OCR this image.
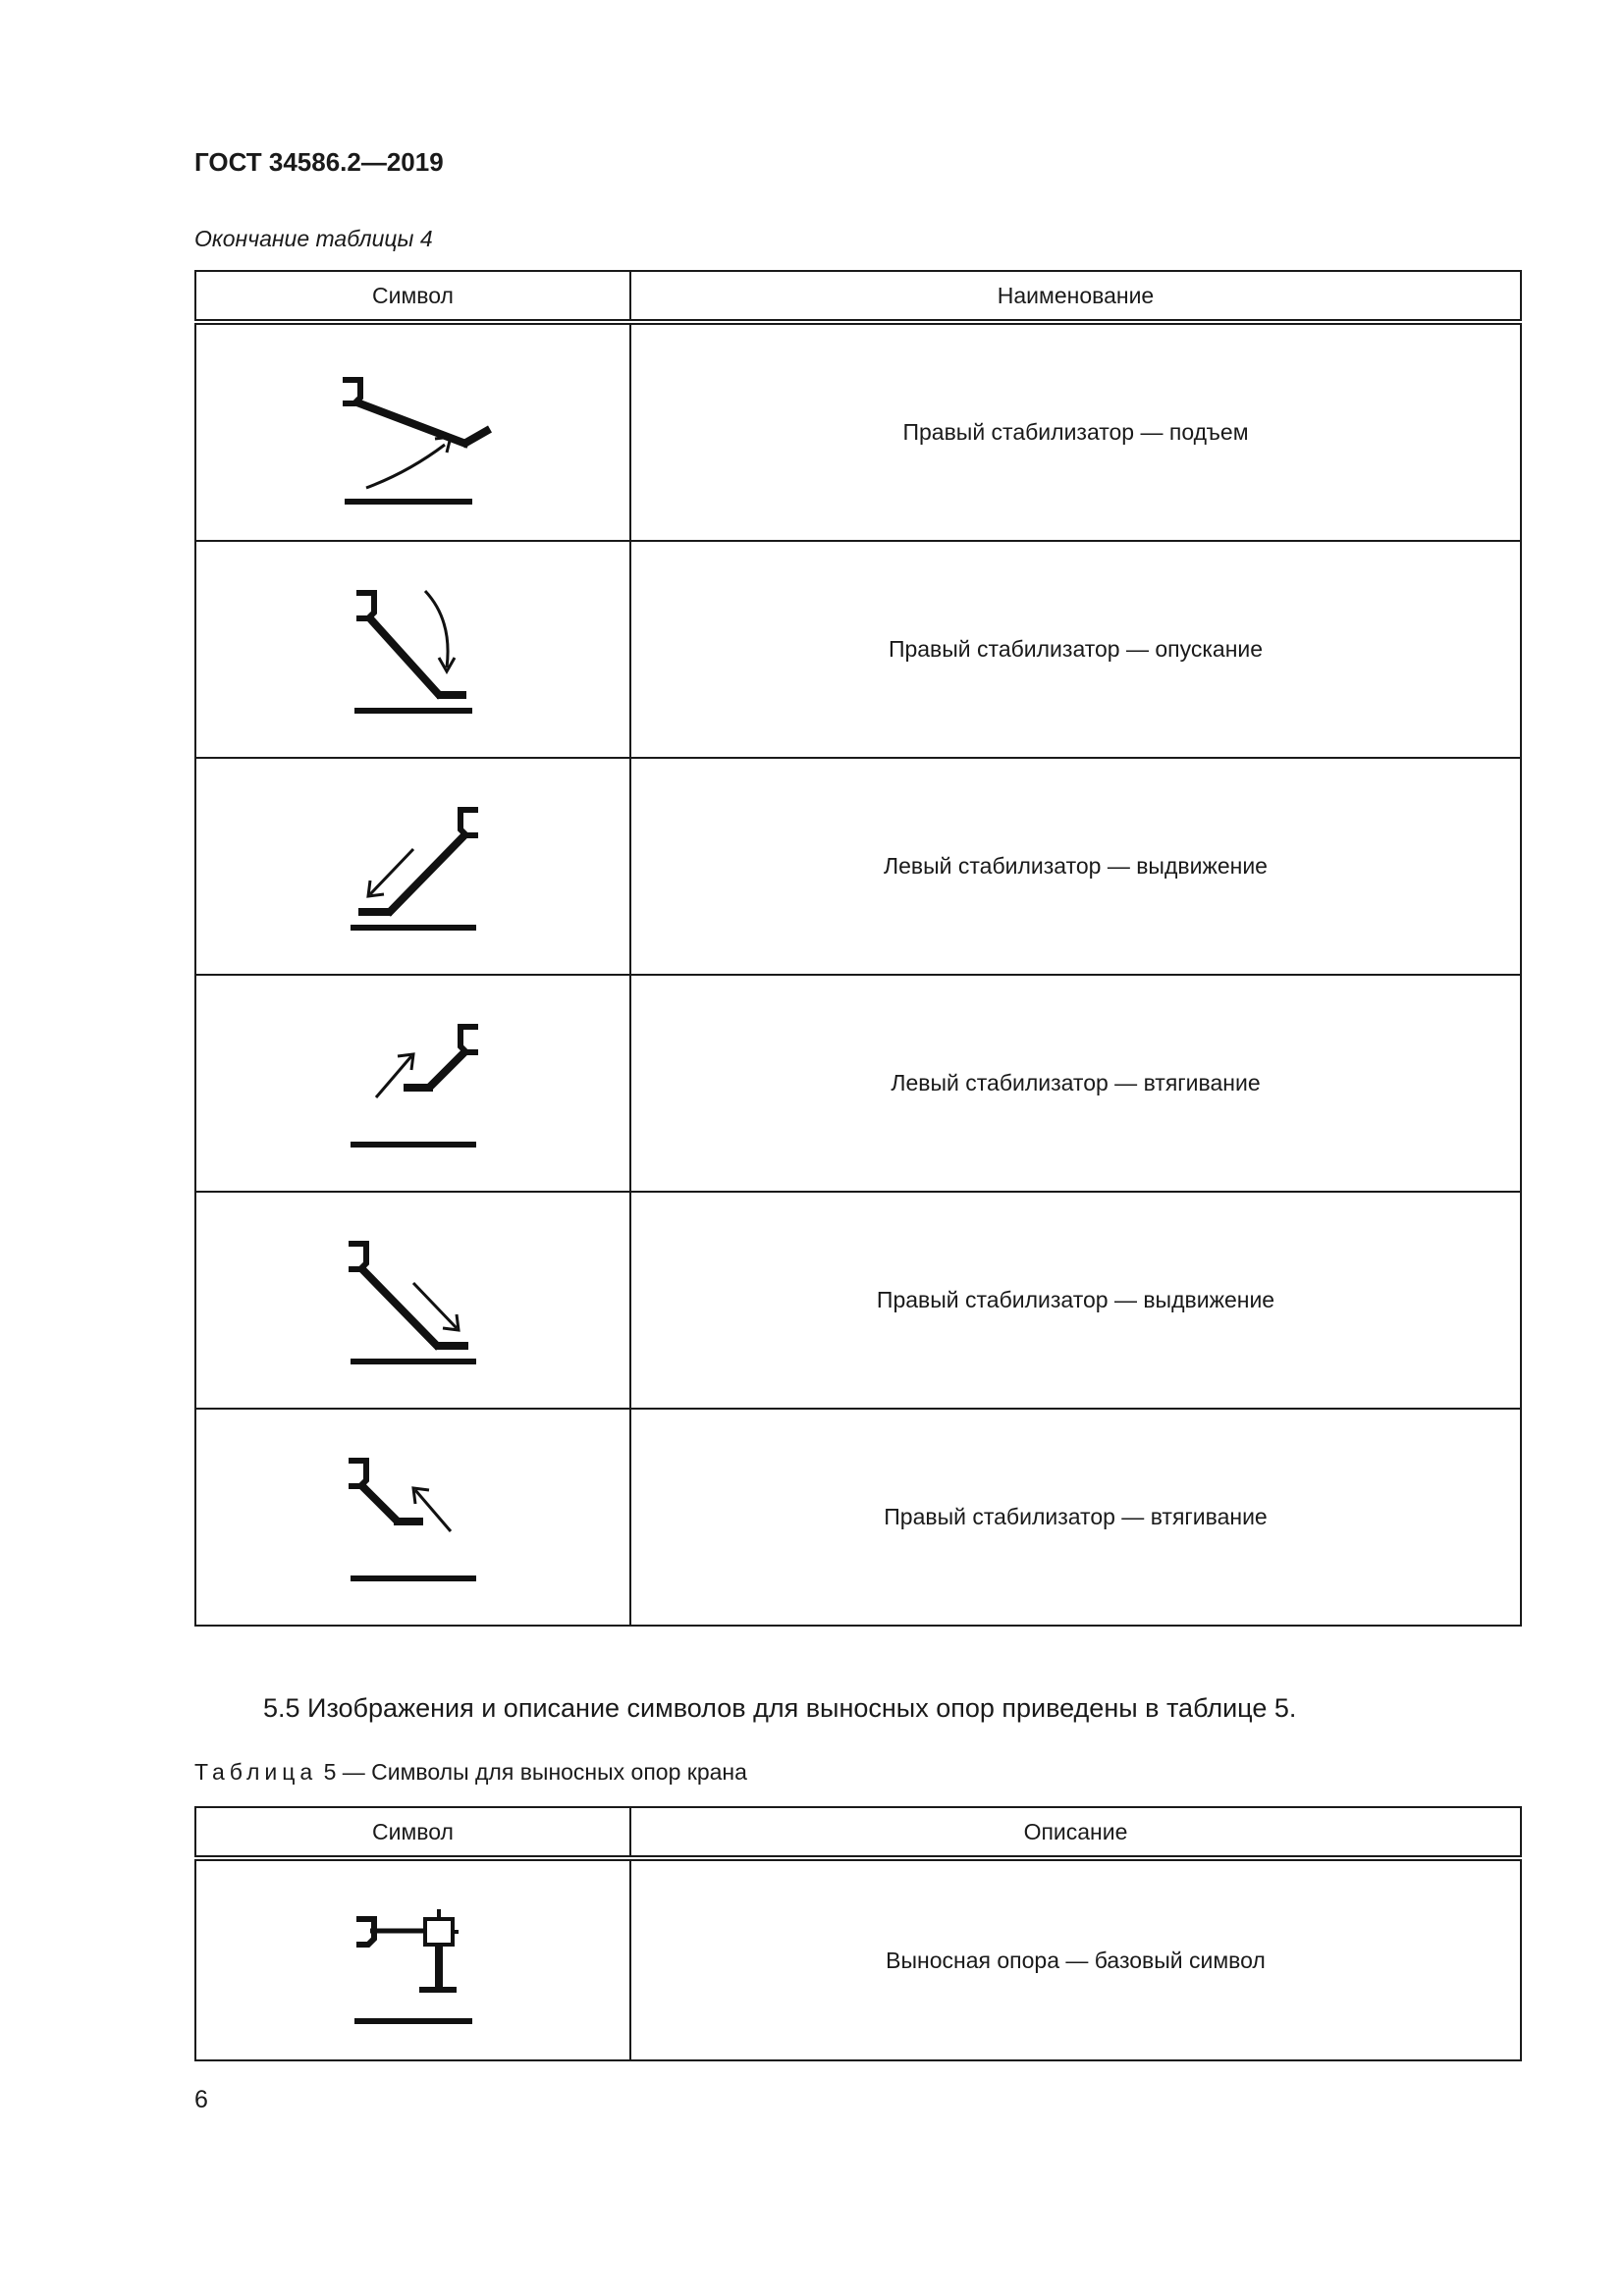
ГОСТ 34586.2—2019
Окончание таблицы 4
Символ	Наименование

	Правый стабилизатор — подъем

	Правый стабилизатор — опускание

	Левый стабилизатор — выдвижение

	Левый стабилизатор — втягивание

	Правый стабилизатор — выдвижение

	Правый стабилизатор — втягивание
5.5 Изображения и описание символов для выносных опор приведены в таблице 5.
Таблица 5 — Символы для выносных опор крана
Символ	Описание

	Выносная опора — базовый символ
6
